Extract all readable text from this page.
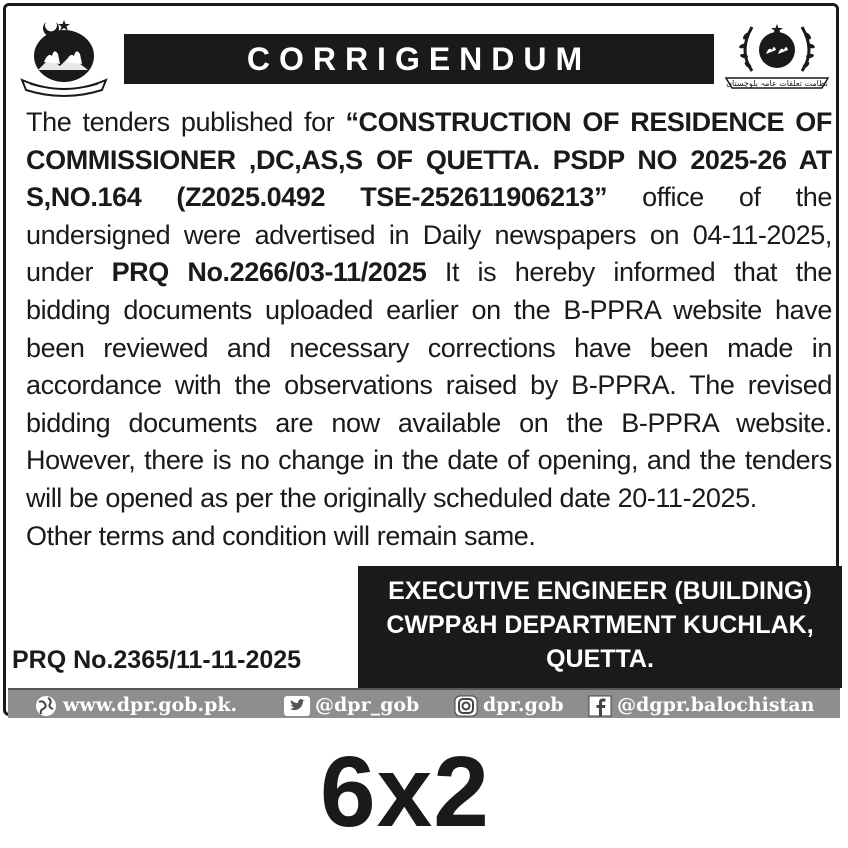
CORRIGENDUM
نظامت تعلقات عامہ بلوچستان

The tenders published for “CONSTRUCTION OF RESIDENCE OF COMMISSIONER ,DC,AS,S OF QUETTA. PSDP NO 2025-26 AT S,NO.164 (Z2025.0492 TSE-252611906213” office of the undersigned were advertised in Daily newspapers on 04-11-2025, under PRQ No.2266/03-11/2025 It is hereby informed that the bidding documents uploaded earlier on the B-PPRA website have been reviewed and necessary corrections have been made in accordance with the observations raised by B-PPRA. The revised bidding documents are now available on the B-PPRA website. However, there is no change in the date of opening, and the tenders will be opened as per the originally scheduled date 20-11-2025.

Other terms and condition will remain same.

EXECUTIVE ENGINEER (BUILDING)
CWPP&H DEPARTMENT KUCHLAK,
QUETTA.
PRQ No.2365/11-11-2025
www.dpr.gob.pk.	@dpr_gob	dpr.gob	@dgpr.balochistan
6x2
